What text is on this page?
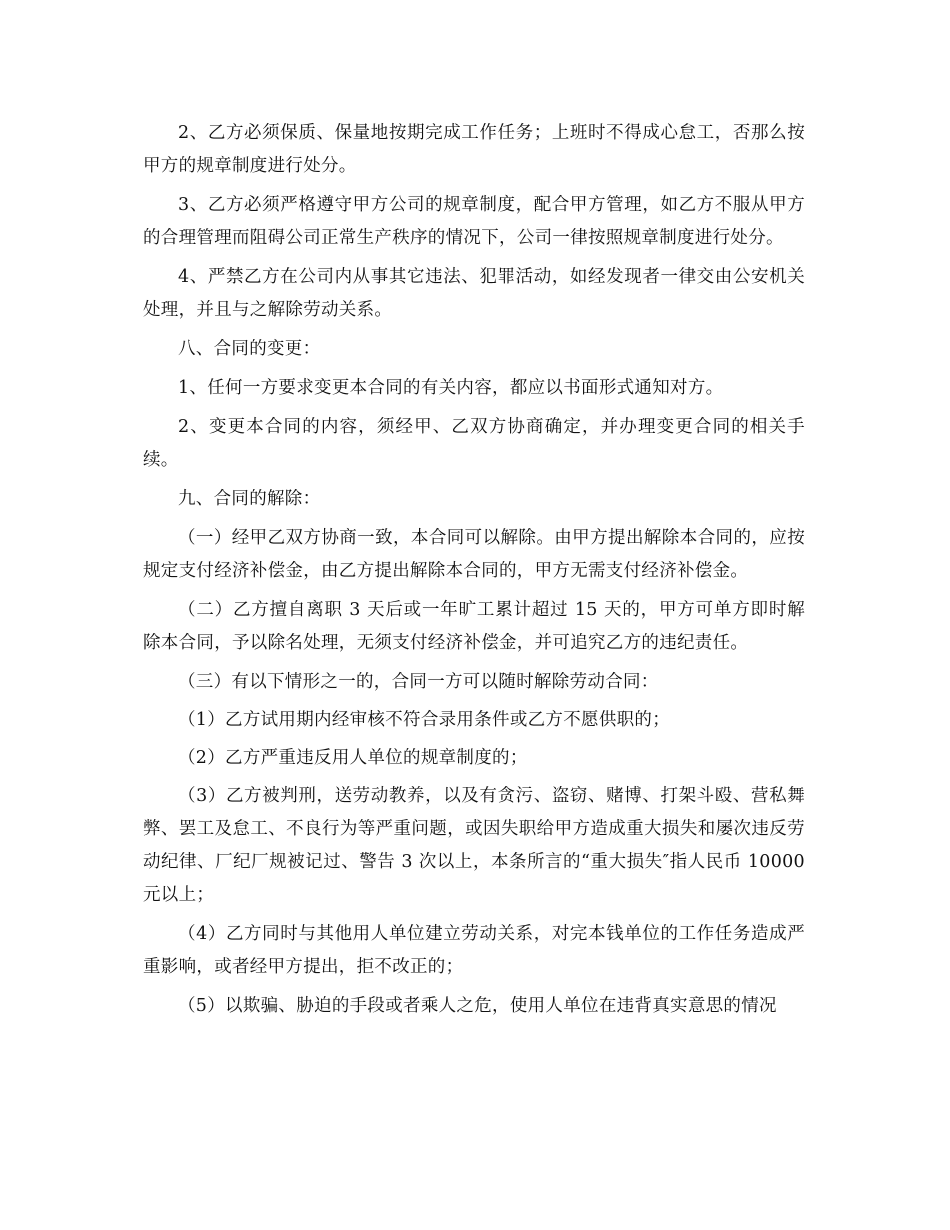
2、乙方必须保质、保量地按期完成工作任务；上班时不得成心怠工，否那么按甲方的规章制度进行处分。

3、乙方必须严格遵守甲方公司的规章制度，配合甲方管理，如乙方不服从甲方的合理管理而阻碍公司正常生产秩序的情况下，公司一律按照规章制度进行处分。

4、严禁乙方在公司内从事其它违法、犯罪活动，如经发现者一律交由公安机关处理，并且与之解除劳动关系。

八、合同的变更：

1、任何一方要求变更本合同的有关内容，都应以书面形式通知对方。

2、变更本合同的内容，须经甲、乙双方协商确定，并办理变更合同的相关手续。

九、合同的解除：

（一）经甲乙双方协商一致，本合同可以解除。由甲方提出解除本合同的，应按规定支付经济补偿金，由乙方提出解除本合同的，甲方无需支付经济补偿金。

（二）乙方擅自离职 3 天后或一年旷工累计超过 15 天的，甲方可单方即时解除本合同，予以除名处理，无须支付经济补偿金，并可追究乙方的违纪责任。

（三）有以下情形之一的，合同一方可以随时解除劳动合同：

（1）乙方试用期内经审核不符合录用条件或乙方不愿供职的；

（2）乙方严重违反用人单位的规章制度的；

（3）乙方被判刑，送劳动教养，以及有贪污、盗窃、赌博、打架斗殴、营私舞弊、罢工及怠工、不良行为等严重问题，或因失职给甲方造成重大损失和屡次违反劳动纪律、厂纪厂规被记过、警告 3 次以上，本条所言的“重大损失″指人民币 10000 元以上；

（4）乙方同时与其他用人单位建立劳动关系，对完本钱单位的工作任务造成严重影响，或者经甲方提出，拒不改正的；

（5）以欺骗、胁迫的手段或者乘人之危，使用人单位在违背真实意思的情况
